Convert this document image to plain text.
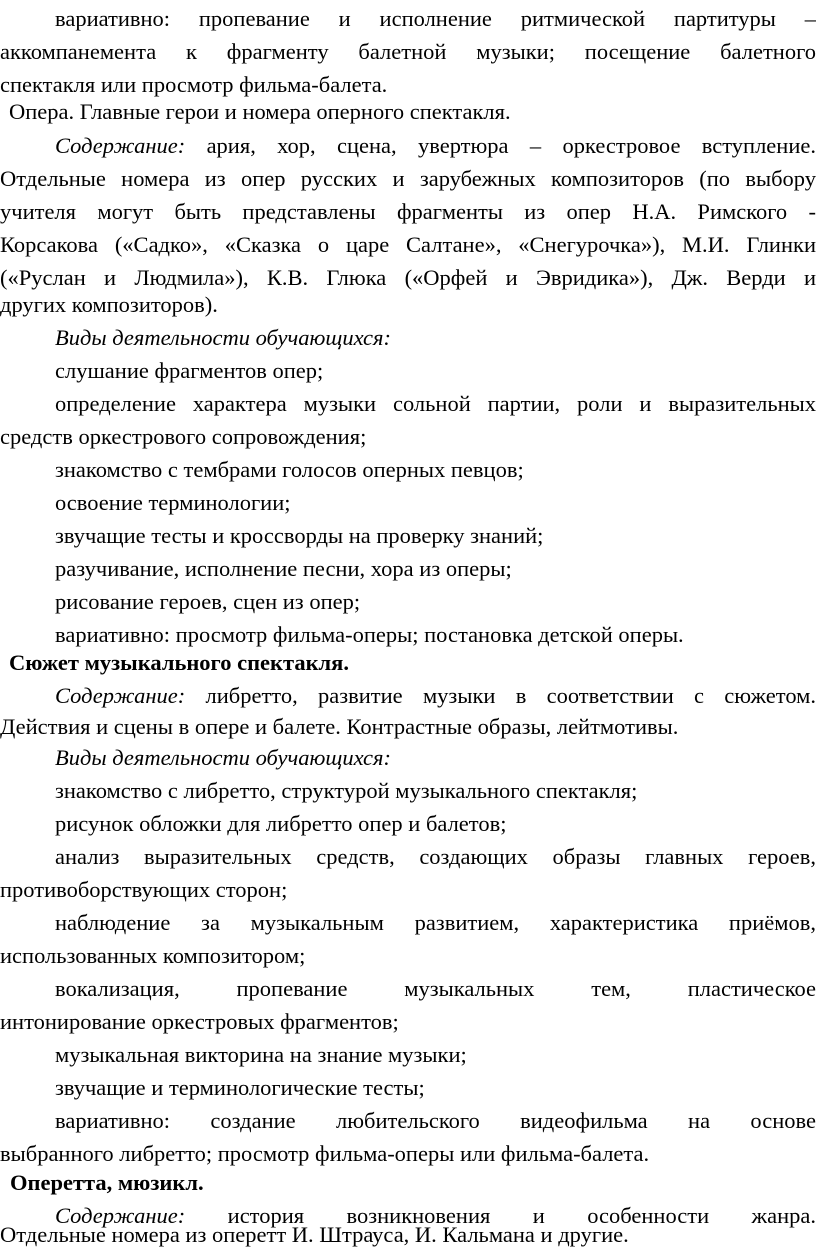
вариативно: пропевание и исполнение ритмической партитуры –
аккомпанемента к фрагменту балетной музыки; посещение балетного
спектакля или просмотр фильма-балета.
Опера. Главные герои и номера оперного спектакля.
Содержание: ария, хор, сцена, увертюра – оркестровое вступление.
Отдельные номера из опер русских и зарубежных композиторов (по выбору
учителя могут быть представлены фрагменты из опер Н.А. Римского -
Корсакова («Садко», «Сказка о царе Салтане», «Снегурочка»), М.И. Глинки
(«Руслан и Людмила»), К.В. Глюка («Орфей и Эвридика»), Дж. Верди и
других композиторов).
Виды деятельности обучающихся:
слушание фрагментов опер;
определение характера музыки сольной партии, роли и выразительных
средств оркестрового сопровождения;
знакомство с тембрами голосов оперных певцов;
освоение терминологии;
звучащие тесты и кроссворды на проверку знаний;
разучивание, исполнение песни, хора из оперы;
рисование героев, сцен из опер;
вариативно: просмотр фильма-оперы; постановка детской оперы.
Сюжет музыкального спектакля.
Содержание: либретто, развитие музыки в соответствии с сюжетом.
Действия и сцены в опере и балете. Контрастные образы, лейтмотивы.
Виды деятельности обучающихся:
знакомство с либретто, структурой музыкального спектакля;
рисунок обложки для либретто опер и балетов;
анализ выразительных средств, создающих образы главных героев,
противоборствующих сторон;
наблюдение за музыкальным развитием, характеристика приёмов,
использованных композитором;
вокализация, пропевание музыкальных тем, пластическое
интонирование оркестровых фрагментов;
музыкальная викторина на знание музыки;
звучащие и терминологические тесты;
вариативно: создание любительского видеофильма на основе
выбранного либретто; просмотр фильма-оперы или фильма-балета.
Оперетта, мюзикл.
Содержание: история возникновения и особенности жанра.
Отдельные номера из оперетт И. Штрауса, И. Кальмана и другие.
